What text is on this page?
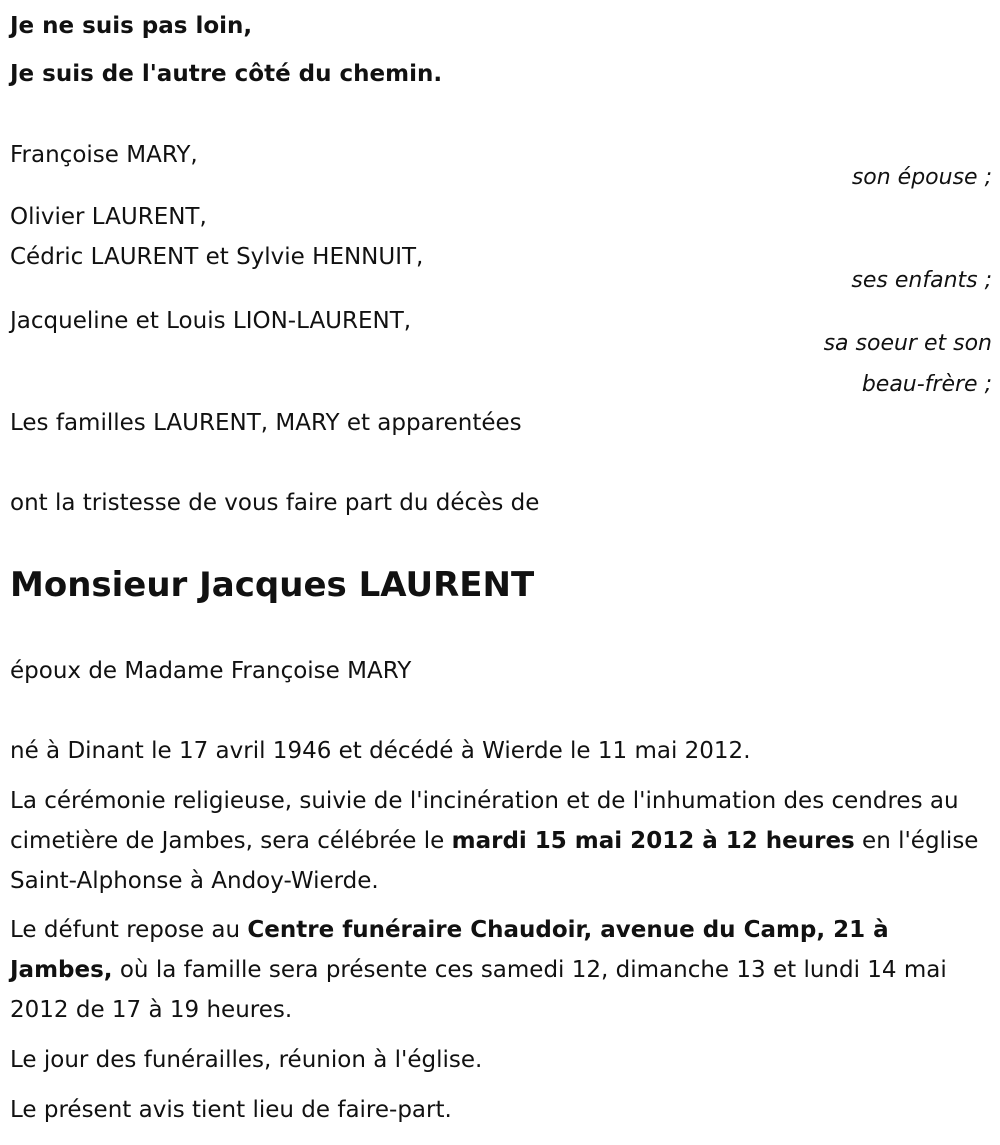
Je ne suis pas loin,
Je suis de l'autre côté du chemin.
Françoise MARY,
son épouse ;
Olivier LAURENT,
Cédric LAURENT et Sylvie HENNUIT,
ses enfants ;
Jacqueline et Louis LION-LAURENT,
sa soeur et son
beau-frère ;
Les familles LAURENT, MARY et apparentées
ont la tristesse de vous faire part du décès de
Monsieur Jacques LAURENT
époux de Madame Françoise MARY
né à Dinant le 17 avril 1946 et décédé à Wierde le 11 mai 2012.
La cérémonie religieuse, suivie de l'incinération et de l'inhumation des cendres au cimetière de Jambes, sera célébrée le mardi 15 mai 2012 à 12 heures en l'église Saint-Alphonse à Andoy-Wierde.
Le défunt repose au Centre funéraire Chaudoir, avenue du Camp, 21 à Jambes, où la famille sera présente ces samedi 12, dimanche 13 et lundi 14 mai 2012 de 17 à 19 heures.
Le jour des funérailles, réunion à l'église.
Le présent avis tient lieu de faire-part.
